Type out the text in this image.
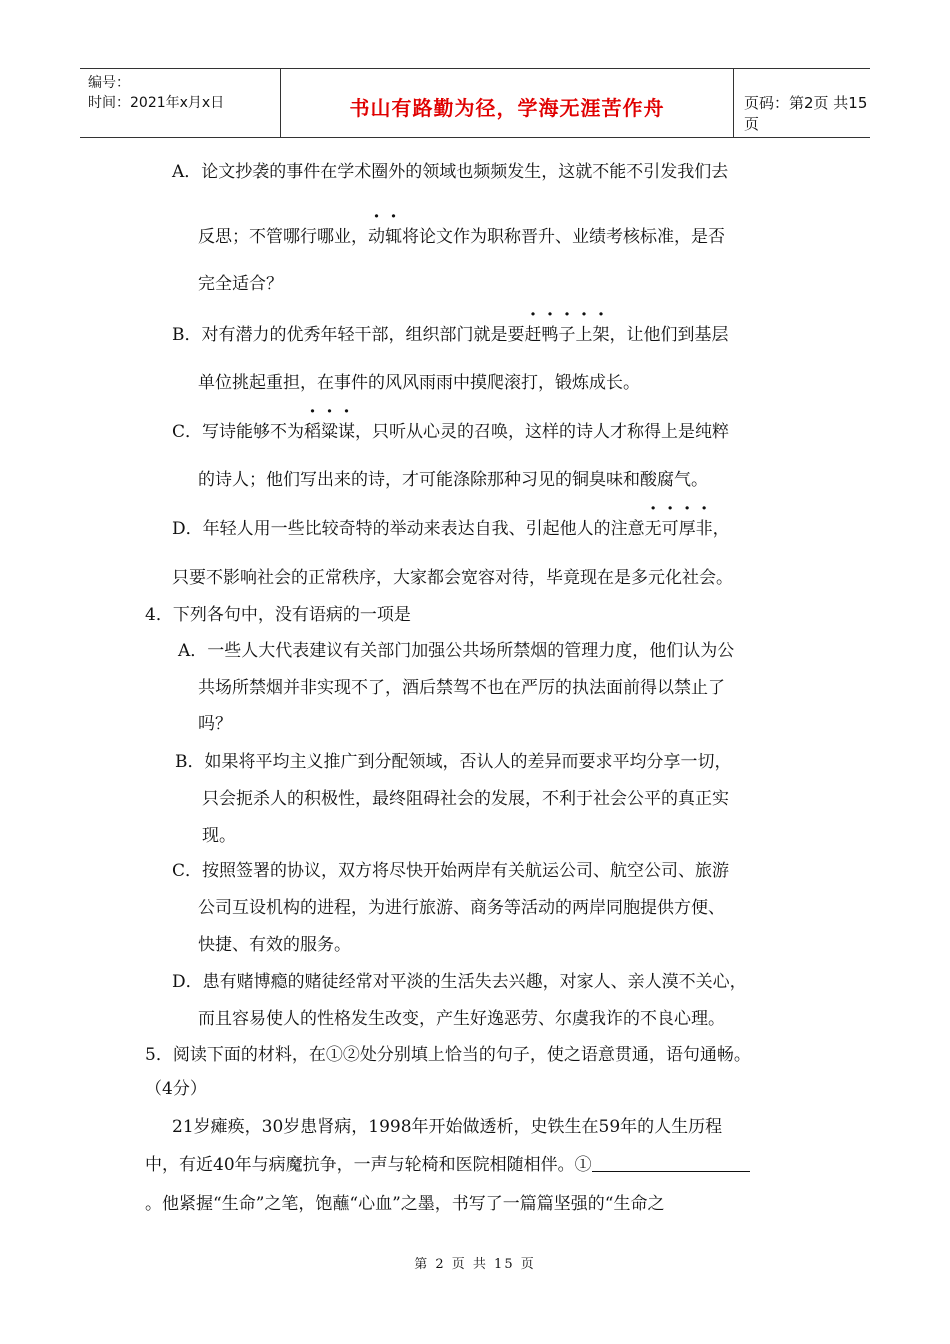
编号：
时间：2021年x月x日	书山有路勤为径，学海无涯苦作舟	页码：第2页 共15页
A．论文抄袭的事件在学术圈外的领域也频频发生，这就不能不引发我们去
反思；不管哪行哪业，动辄将论文作为职称晋升、业绩考核标准，是否
完全适合？
B．对有潜力的优秀年轻干部，组织部门就是要赶鸭子上架，让他们到基层
单位挑起重担，在事件的风风雨雨中摸爬滚打，锻炼成长。
C．写诗能够不为稻粱谋，只听从心灵的召唤，这样的诗人才称得上是纯粹
的诗人；他们写出来的诗，才可能涤除那种习见的铜臭味和酸腐气。
D．年轻人用一些比较奇特的举动来表达自我、引起他人的注意无可厚非，
只要不影响社会的正常秩序，大家都会宽容对待，毕竟现在是多元化社会。
4．下列各句中，没有语病的一项是
A．一些人大代表建议有关部门加强公共场所禁烟的管理力度，他们认为公
共场所禁烟并非实现不了，酒后禁驾不也在严厉的执法面前得以禁止了
吗？
B．如果将平均主义推广到分配领域，否认人的差异而要求平均分享一切，
只会扼杀人的积极性，最终阻碍社会的发展，不利于社会公平的真正实
现。
C．按照签署的协议，双方将尽快开始两岸有关航运公司、航空公司、旅游
公司互设机构的进程，为进行旅游、商务等活动的两岸同胞提供方便、
快捷、有效的服务。
D．患有赌博瘾的赌徒经常对平淡的生活失去兴趣，对家人、亲人漠不关心，
而且容易使人的性格发生改变，产生好逸恶劳、尔虞我诈的不良心理。
5．阅读下面的材料，在①②处分别填上恰当的句子，使之语意贯通，语句通畅。
（4分）
21岁瘫痪，30岁患肾病，1998年开始做透析，史铁生在59年的人生历程
中，有近40年与病魔抗争，一声与轮椅和医院相随相伴。①
。他紧握“生命”之笔，饱蘸“心血”之墨，书写了一篇篇坚强的“生命之
第 2 页 共 15 页
